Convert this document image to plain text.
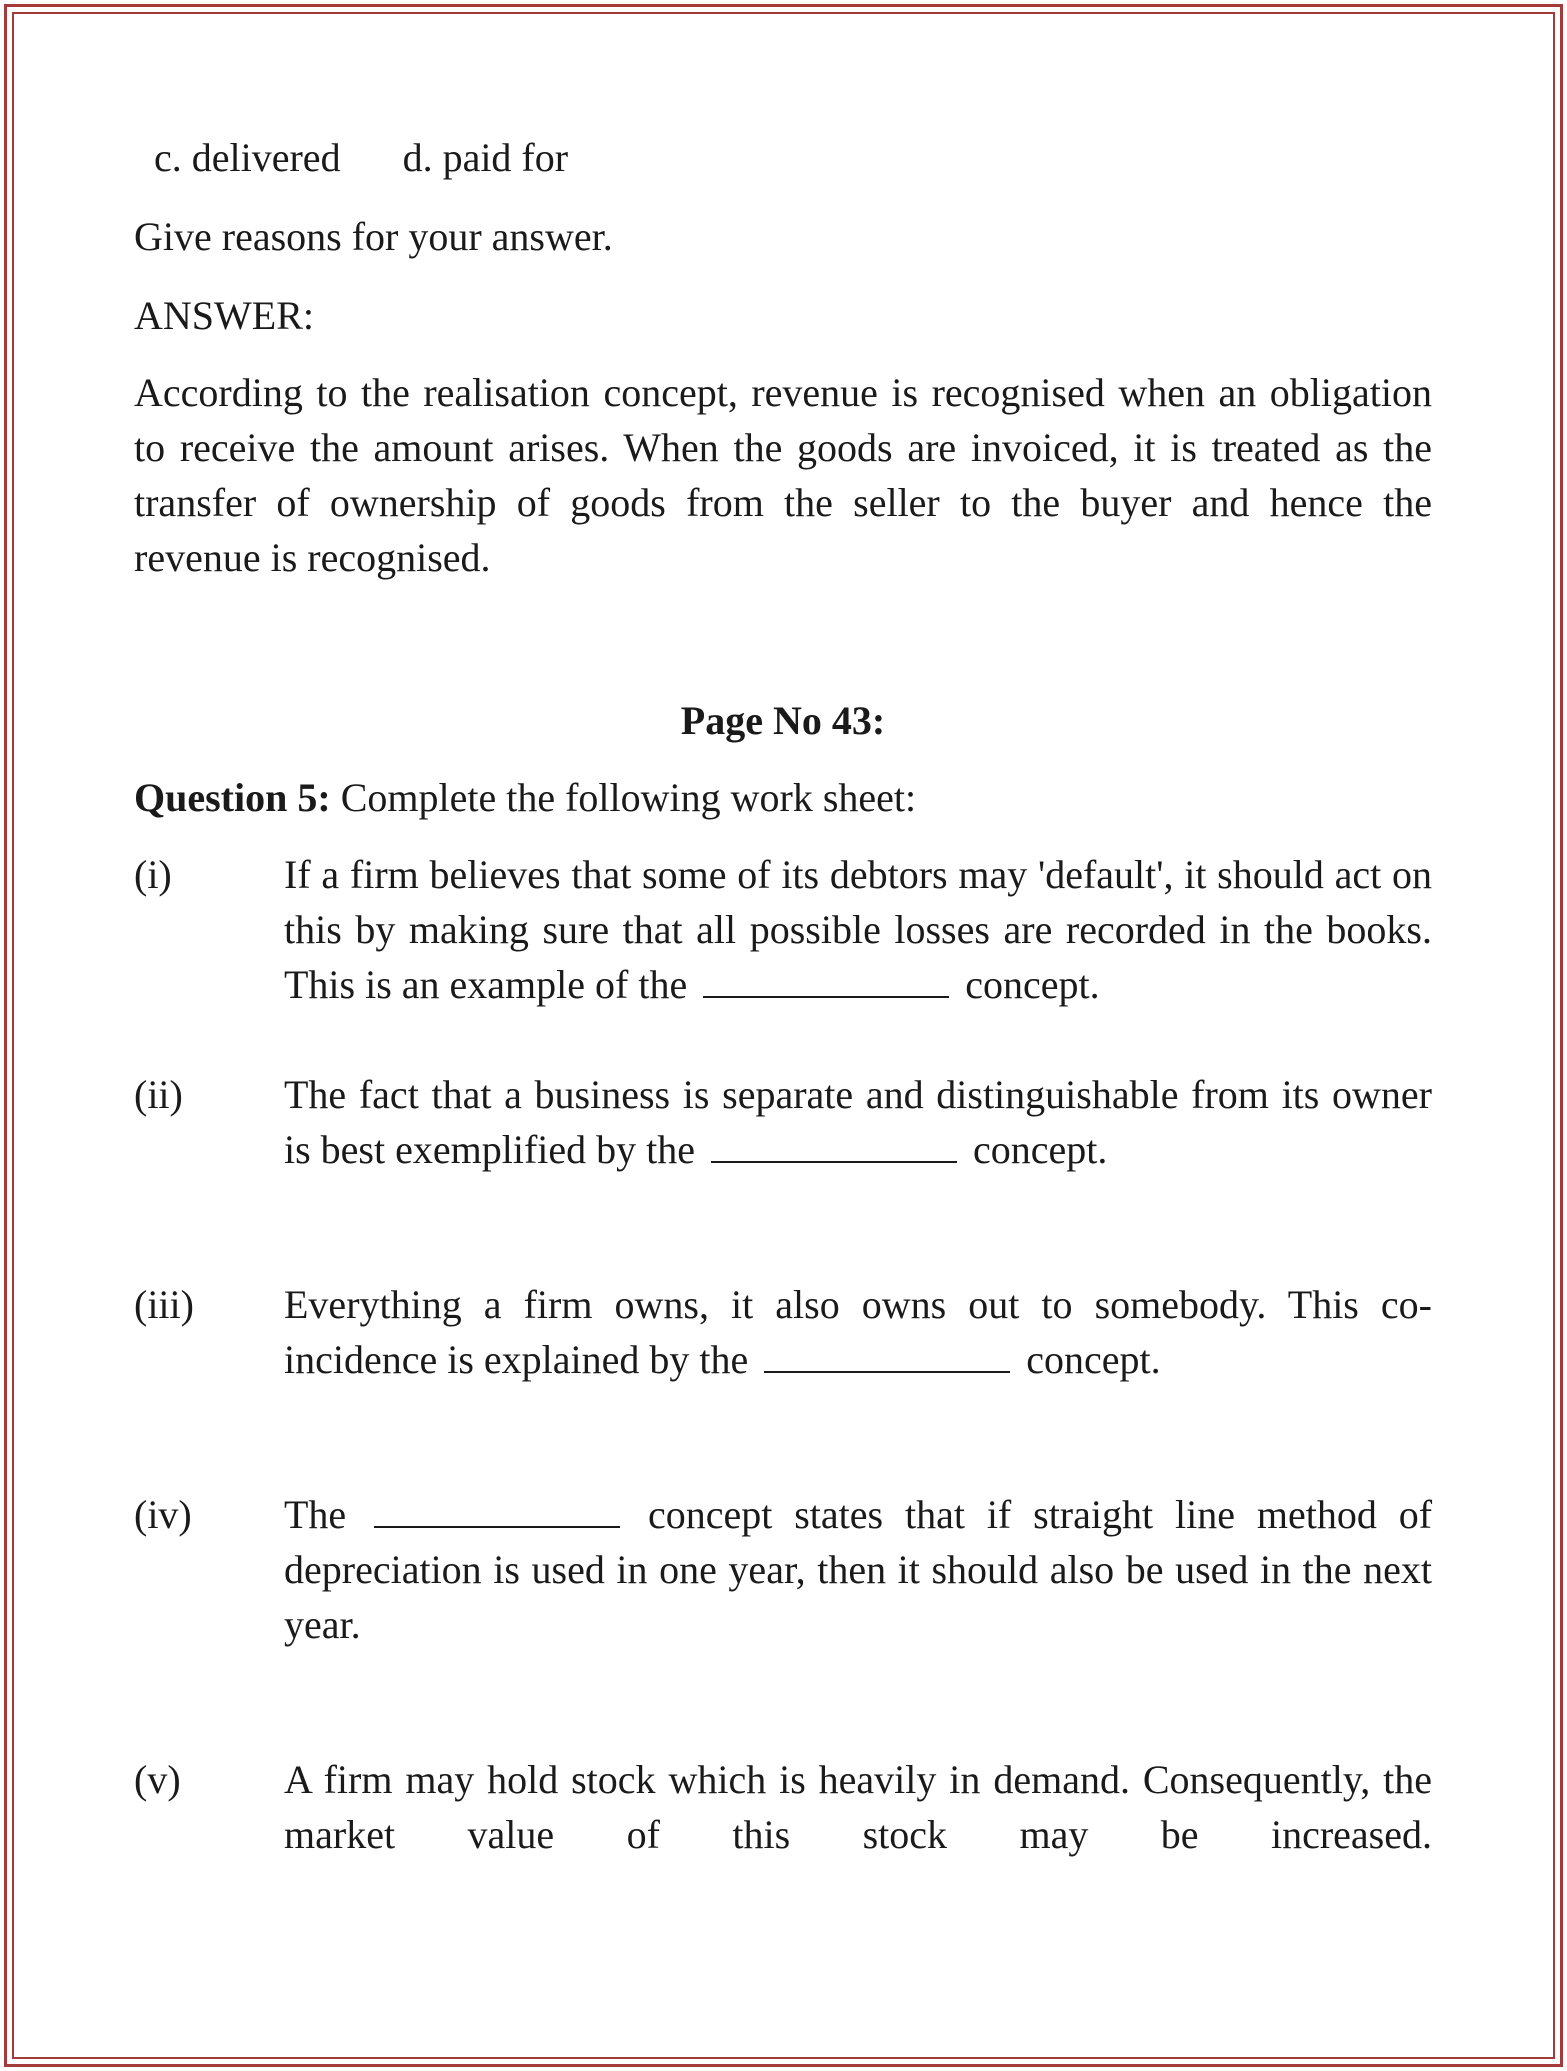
c. delivered d. paid for

Give reasons for your answer.

ANSWER:

According to the realisation concept, revenue is recognised when an obligation to receive the amount arises. When the goods are invoiced, it is treated as the transfer of ownership of goods from the seller to the buyer and hence the revenue is recognised.

Page No 43:

Question 5: Complete the following work sheet:

(i)	If a firm believes that some of its debtors may 'default', it should act on this by making sure that all possible losses are recorded in the books. This is an example of the	concept.
(ii)	The fact that a business is separate and distinguishable from its owner is best exemplified by the	concept.
(iii)	Everything a firm owns, it also owns out to somebody. This co-incidence is explained by the	concept.
(iv)	The	concept states that if straight line method of depreciation is used in one year, then it should also be used in the next year.
(v)	A firm may hold stock which is heavily in demand. Consequently, the market value of this stock may be increased.
